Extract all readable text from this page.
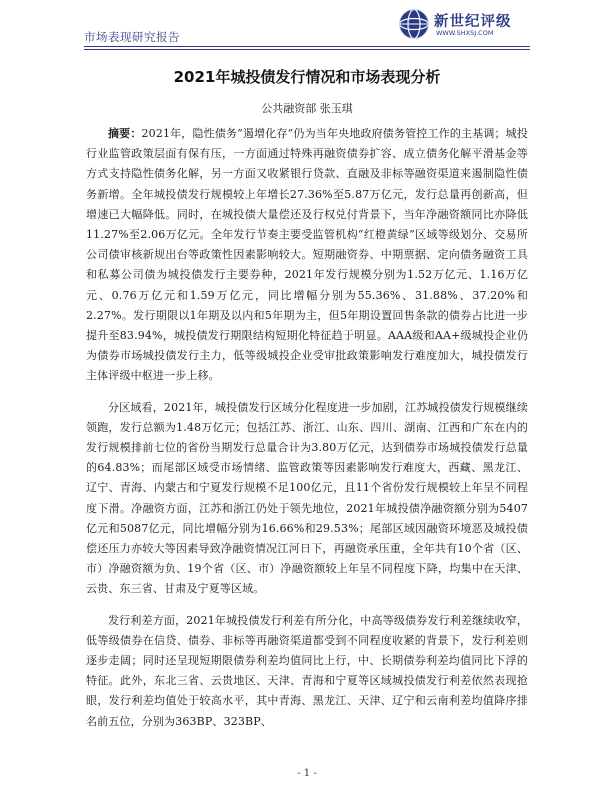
市场表现研究报告
新世纪评级
WWW.SHXSJ.COM
2021年城投债发行情况和市场表现分析
公共融资部 张玉琪

摘要：2021年，隐性债务“遏增化存”仍为当年央地政府债务管控工作的主基调；城投行业监管政策层面有保有压，一方面通过特殊再融资债券扩容、成立债务化解平滑基金等方式支持隐性债务化解，另一方面又收紧银行贷款、直融及非标等融资渠道来遏制隐性债务新增。全年城投债发行规模较上年增长27.36%至5.87万亿元，发行总量再创新高，但增速已大幅降低。同时，在城投债大量偿还及行权兑付背景下，当年净融资额同比亦降低11.27%至2.06万亿元。全年发行节奏主要受监管机构“红橙黄绿”区域等级划分、交易所公司债审核新规出台等政策性因素影响较大。短期融资券、中期票据、定向债务融资工具和私募公司债为城投债发行主要券种，2021年发行规模分别为1.52万亿元、1.16万亿元、0.76万亿元和1.59万亿元，同比增幅分别为55.36%、31.88%、37.20%和2.27%。发行期限以1年期及以内和5年期为主，但5年期设置回售条款的债券占比进一步提升至83.94%，城投债发行期限结构短期化特征趋于明显。AAA级和AA+级城投企业仍为债券市场城投债发行主力，低等级城投企业受审批政策影响发行难度加大，城投债发行主体评级中枢进一步上移。

分区域看，2021年，城投债发行区域分化程度进一步加剧，江苏城投债发行规模继续领跑，发行总额为1.48万亿元；包括江苏、浙江、山东、四川、湖南、江西和广东在内的发行规模排前七位的省份当期发行总量合计为3.80万亿元，达到债券市场城投债发行总量的64.83%；而尾部区域受市场情绪、监管政策等因素影响发行难度大，西藏、黑龙江、辽宁、青海、内蒙古和宁夏发行规模不足100亿元，且11个省份发行规模较上年呈不同程度下滑。净融资方面，江苏和浙江仍处于领先地位，2021年城投债净融资额分别为5407亿元和5087亿元，同比增幅分别为16.66%和29.53%；尾部区域因融资环境恶及城投债偿还压力亦较大等因素导致净融资情况江河日下，再融资承压重，全年共有10个省（区、市）净融资额为负、19个省（区、市）净融资额较上年呈不同程度下降，均集中在天津、云贵、东三省、甘肃及宁夏等区域。

发行利差方面，2021年城投债发行利差有所分化，中高等级债券发行利差继续收窄，低等级债券在信贷、债券、非标等再融资渠道都受到不同程度收紧的背景下，发行利差则逐步走阔；同时还呈现短期限债券利差均值同比上行，中、长期债券利差均值同比下浮的特征。此外，东北三省、云贵地区、天津、青海和宁夏等区域城投债发行利差依然表现抢眼，发行利差均值处于较高水平，其中青海、黑龙江、天津、辽宁和云南利差均值降序排名前五位，分别为363BP、323BP、

- 1 -
